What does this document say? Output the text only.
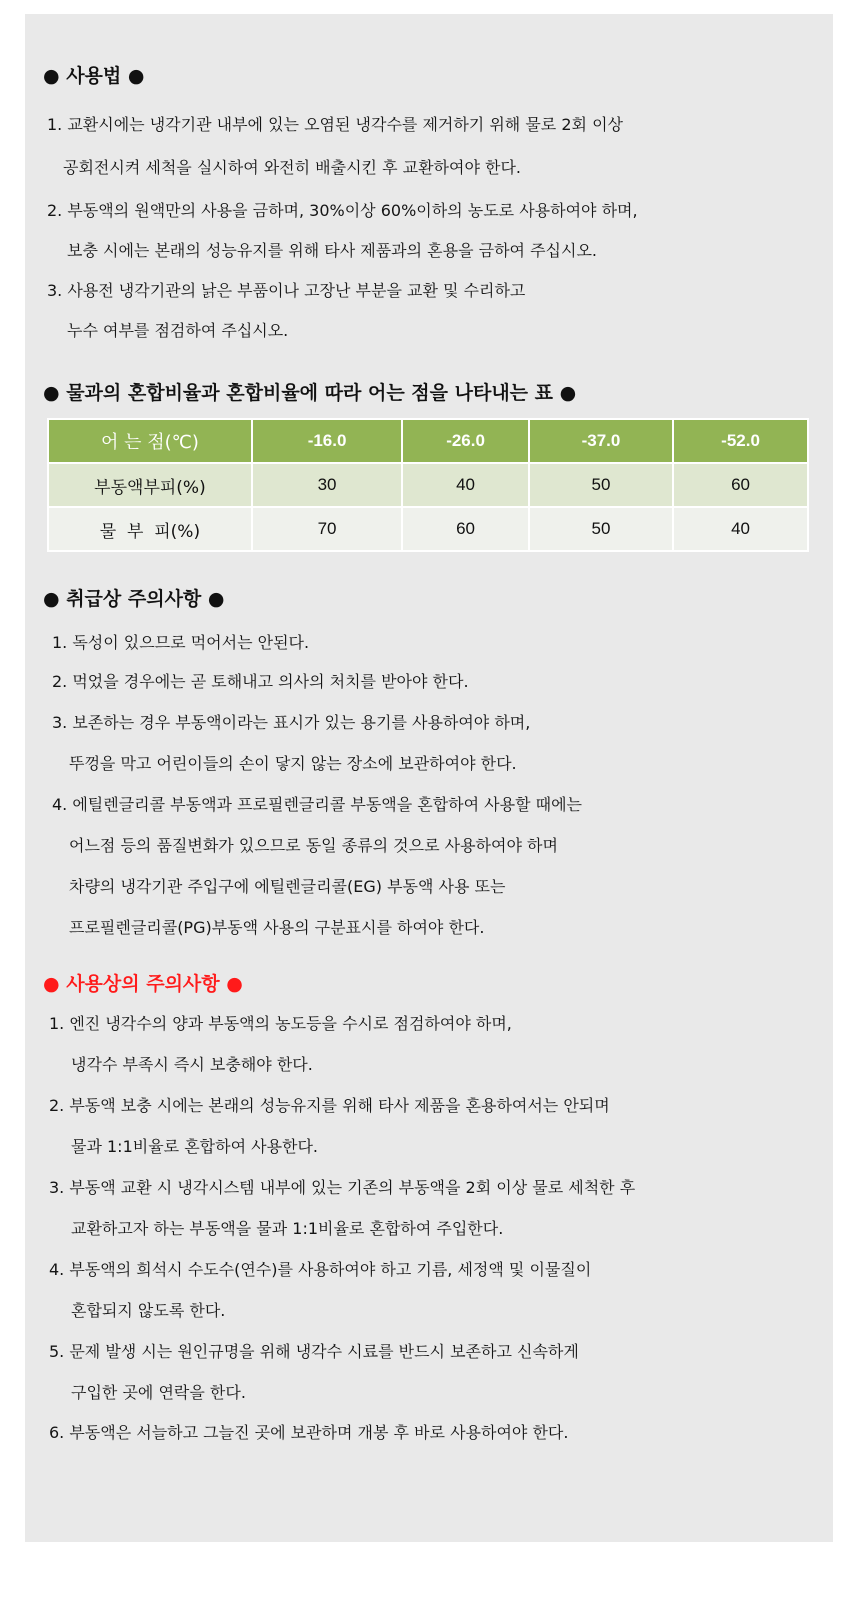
● 사용법 ●
1. 교환시에는 냉각기관 내부에 있는 오염된 냉각수를 제거하기 위해 물로 2회 이상
공회전시켜 세척을 실시하여 와전히 배출시킨 후 교환하여야 한다.
2. 부동액의 원액만의 사용을 금하며, 30%이상 60%이하의 농도로 사용하여야 하며,
보충 시에는 본래의 성능유지를 위해 타사 제품과의 혼용을 금하여 주십시오.
3. 사용전 냉각기관의 낡은 부품이나 고장난 부분을 교환 및 수리하고
누수 여부를 점검하여 주십시오.
● 물과의 혼합비율과 혼합비율에 따라 어는 점을 나타내는 표 ●
어 는 점(℃)	-16.0	-26.0	-37.0	-52.0
부동액부피(%)	30	40	50	60
물  부  피(%)	70	60	50	40
● 취급상 주의사항 ●
1. 독성이 있으므로 먹어서는 안된다.
2. 먹었을 경우에는 곧 토해내고 의사의 처치를 받아야 한다.
3. 보존하는 경우 부동액이라는 표시가 있는 용기를 사용하여야 하며,
뚜껑을 막고 어린이들의 손이 닿지 않는 장소에 보관하여야 한다.
4. 에틸렌글리콜 부동액과 프로필렌글리콜 부동액을 혼합하여 사용할 때에는
어느점 등의 품질변화가 있으므로 동일 종류의 것으로 사용하여야 하며
차량의 냉각기관 주입구에 에틸렌글리콜(EG) 부동액 사용 또는
프로필렌글리콜(PG)부동액 사용의 구분표시를 하여야 한다.
● 사용상의 주의사항 ●
1. 엔진 냉각수의 양과 부동액의 농도등을 수시로 점검하여야 하며,
냉각수 부족시 즉시 보충해야 한다.
2. 부동액 보충 시에는 본래의 성능유지를 위해 타사 제품을 혼용하여서는 안되며
물과 1:1비율로 혼합하여 사용한다.
3. 부동액 교환 시 냉각시스템 내부에 있는 기존의 부동액을 2회 이상 물로 세척한 후
교환하고자 하는 부동액을 물과 1:1비율로 혼합하여 주입한다.
4. 부동액의 희석시 수도수(연수)를 사용하여야 하고 기름, 세정액 및 이물질이
혼합되지 않도록 한다.
5. 문제 발생 시는 원인규명을 위해 냉각수 시료를 반드시 보존하고 신속하게
구입한 곳에 연락을 한다.
6. 부동액은 서늘하고 그늘진 곳에 보관하며 개봉 후 바로 사용하여야 한다.
